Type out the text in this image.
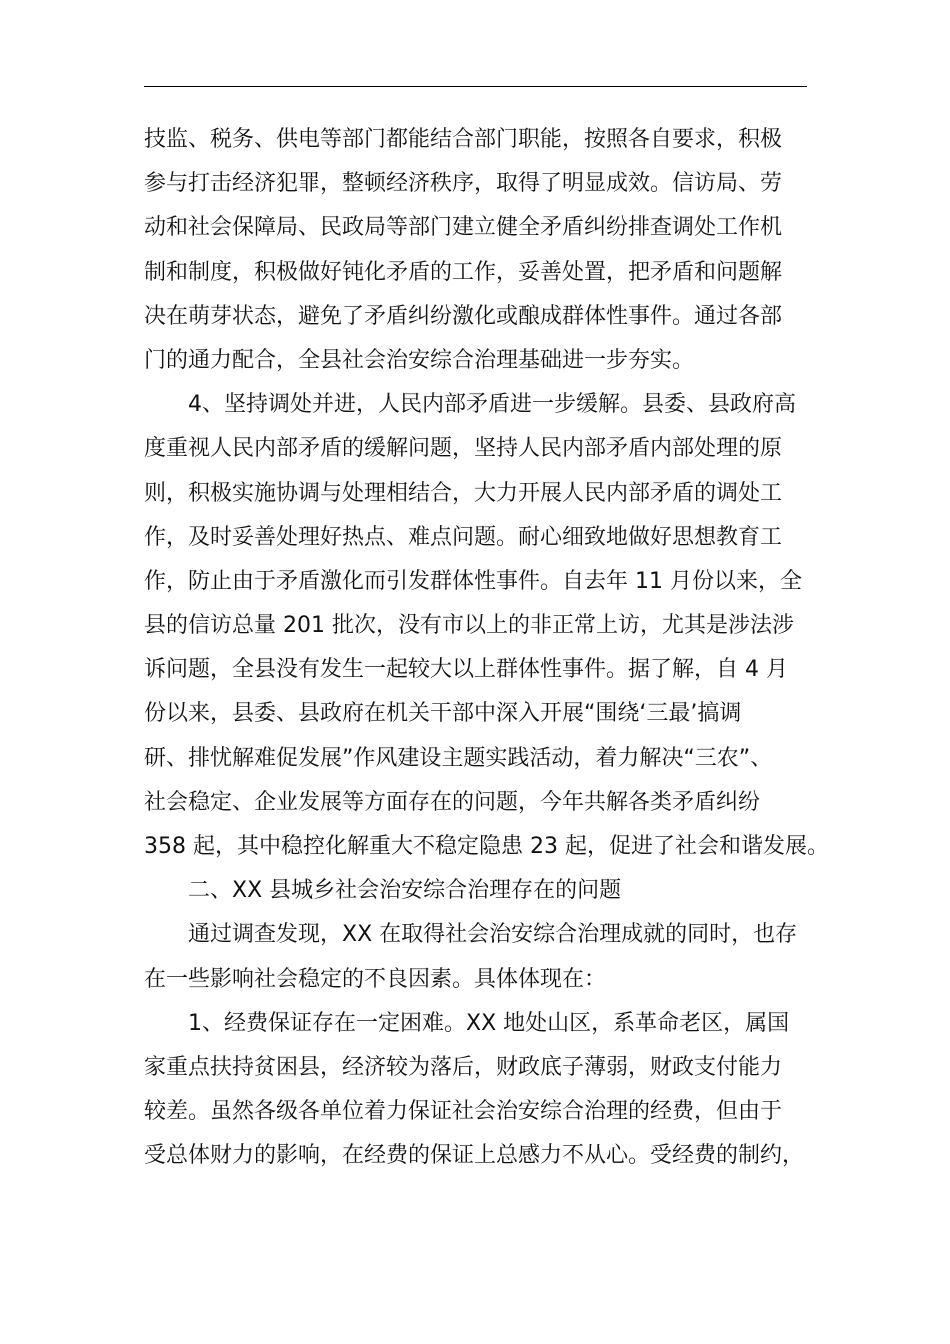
技监、税务、供电等部门都能结合部门职能，按照各自要求，积极
参与打击经济犯罪，整顿经济秩序，取得了明显成效。信访局、劳
动和社会保障局、民政局等部门建立健全矛盾纠纷排查调处工作机
制和制度，积极做好钝化矛盾的工作，妥善处置，把矛盾和问题解
决在萌芽状态，避免了矛盾纠纷激化或酿成群体性事件。通过各部
门的通力配合，全县社会治安综合治理基础进一步夯实。
4、坚持调处并进，人民内部矛盾进一步缓解。县委、县政府高
度重视人民内部矛盾的缓解问题，坚持人民内部矛盾内部处理的原
则，积极实施协调与处理相结合，大力开展人民内部矛盾的调处工
作，及时妥善处理好热点、难点问题。耐心细致地做好思想教育工
作，防止由于矛盾激化而引发群体性事件。自去年 11 月份以来，全
县的信访总量 201 批次，没有市以上的非正常上访，尤其是涉法涉
诉问题，全县没有发生一起较大以上群体性事件。据了解，自 4 月
份以来，县委、县政府在机关干部中深入开展“围绕‘三最’搞调
研、排忧解难促发展”作风建设主题实践活动，着力解决“三农”、
社会稳定、企业发展等方面存在的问题，今年共解各类矛盾纠纷
358 起，其中稳控化解重大不稳定隐患 23 起，促进了社会和谐发展。
二、XX 县城乡社会治安综合治理存在的问题
通过调查发现，XX 在取得社会治安综合治理成就的同时，也存
在一些影响社会稳定的不良因素。具体体现在：
1、经费保证存在一定困难。XX 地处山区，系革命老区，属国
家重点扶持贫困县，经济较为落后，财政底子薄弱，财政支付能力
较差。虽然各级各单位着力保证社会治安综合治理的经费，但由于
受总体财力的影响，在经费的保证上总感力不从心。受经费的制约，
